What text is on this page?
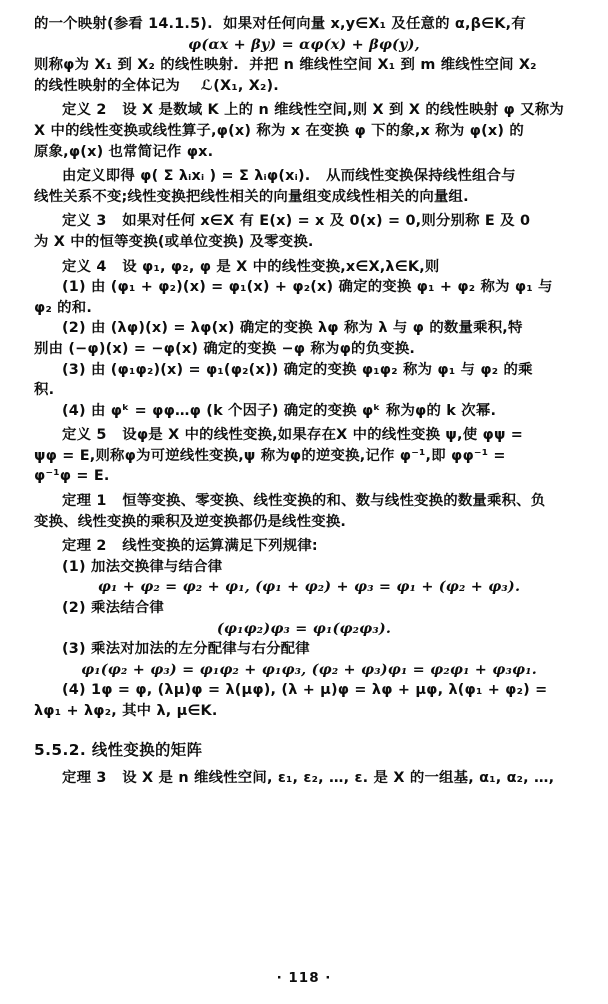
的一个映射(参看 14.1.5).  如果对任何向量 x,y∈X₁ 及任意的 α,β∈K,有
φ(αx + βy) = αφ(x) + βφ(y),
则称φ为 X₁ 到 X₂ 的线性映射.  并把 n 维线性空间 X₁ 到 m 维线性空间 X₂
的线性映射的全体记为    ℒ(X₁, X₂).
定义 2   设 X 是数域 K 上的 n 维线性空间,则 X 到 X 的线性映射 φ 又称为
X 中的线性变换或线性算子,φ(x) 称为 x 在变换 φ 下的象,x 称为 φ(x) 的
原象,φ(x) 也常简记作 φx.
由定义即得 φ( Σ λᵢxᵢ ) = Σ λᵢφ(xᵢ).   从而线性变换保持线性组合与
线性关系不变;线性变换把线性相关的向量组变成线性相关的向量组.
定义 3   如果对任何 x∈X 有 E(x) = x 及 0(x) = 0,则分别称 E 及 0
为 X 中的恒等变换(或单位变换) 及零变换.
定义 4   设 φ₁, φ₂, φ 是 X 中的线性变换,x∈X,λ∈K,则
(1) 由 (φ₁ + φ₂)(x) = φ₁(x) + φ₂(x) 确定的变换 φ₁ + φ₂ 称为 φ₁ 与
φ₂ 的和.
(2) 由 (λφ)(x) = λφ(x) 确定的变换 λφ 称为 λ 与 φ 的数量乘积,特
别由 (−φ)(x) = −φ(x) 确定的变换 −φ 称为φ的负变换.
(3) 由 (φ₁φ₂)(x) = φ₁(φ₂(x)) 确定的变换 φ₁φ₂ 称为 φ₁ 与 φ₂ 的乘
积.
(4) 由 φᵏ = φφ…φ (k 个因子) 确定的变换 φᵏ 称为φ的 k 次幂.
定义 5   设φ是 X 中的线性变换,如果存在X 中的线性变换 ψ,使 φψ =
ψφ = E,则称φ为可逆线性变换,ψ 称为φ的逆变换,记作 φ⁻¹,即 φφ⁻¹ =
φ⁻¹φ = E.
定理 1   恒等变换、零变换、线性变换的和、数与线性变换的数量乘积、负
变换、线性变换的乘积及逆变换都仍是线性变换.
定理 2   线性变换的运算满足下列规律:
(1) 加法交换律与结合律
φ₁ + φ₂ = φ₂ + φ₁, (φ₁ + φ₂) + φ₃ = φ₁ + (φ₂ + φ₃).
(2) 乘法结合律
(φ₁φ₂)φ₃ = φ₁(φ₂φ₃).
(3) 乘法对加法的左分配律与右分配律
φ₁(φ₂ + φ₃) = φ₁φ₂ + φ₁φ₃, (φ₂ + φ₃)φ₁ = φ₂φ₁ + φ₃φ₁.
(4) 1φ = φ, (λμ)φ = λ(μφ), (λ + μ)φ = λφ + μφ, λ(φ₁ + φ₂) =
λφ₁ + λφ₂, 其中 λ, μ∈K.
5.5.2. 线性变换的矩阵
定理 3   设 X 是 n 维线性空间, ε₁, ε₂, …, ε. 是 X 的一组基, α₁, α₂, …,
· 118 ·
